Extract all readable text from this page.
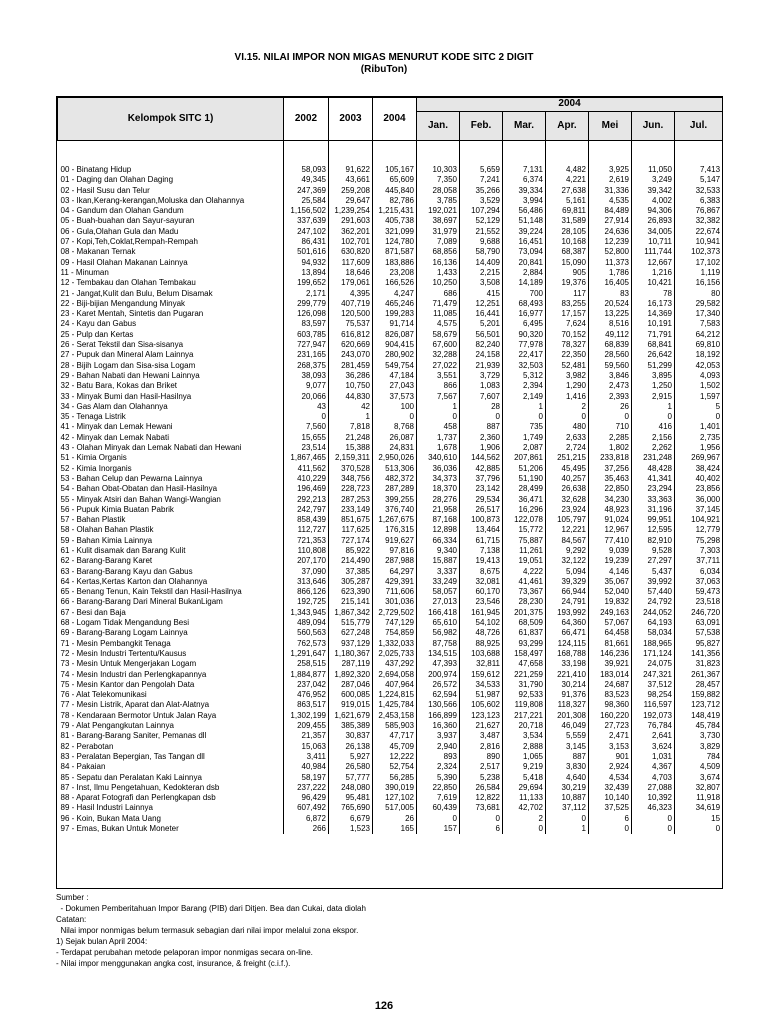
VI.15. NILAI IMPOR NON MIGAS MENURUT KODE SITC 2 DIGIT
(RibuTon)
Kelompok SITC 1)	2002	2003	2004	2004						
				Jan.	Feb.	Mar.	Apr.	Mei	Jun.	Jul.

00 - Binatang Hidup	58,093	91,622	105,167	10,303	5,659	7,131	4,482	3,925	11,050	7,413
01 - Daging dan Olahan Daging	49,345	43,661	65,609	7,350	7,241	6,374	4,221	2,619	3,249	5,147
02 - Hasil Susu dan Telur	247,369	259,208	445,840	28,058	35,266	39,334	27,638	31,336	39,342	32,533
03 - Ikan,Kerang-kerangan,Moluska dan Olahannya	25,584	29,647	82,786	3,785	3,529	3,994	5,161	4,535	4,002	6,383
04 - Gandum dan Olahan Gandum	1,156,502	1,239,254	1,215,431	192,021	107,294	56,486	69,811	84,489	94,306	76,867
05 - Buah-buahan dan Sayur-sayuran	337,639	291,603	405,738	38,697	52,129	51,148	31,589	27,914	26,893	32,382
06 - Gula,Olahan Gula dan Madu	247,102	362,201	321,099	31,979	21,552	39,224	28,105	24,636	34,005	22,674
07 - Kopi,Teh,Coklat,Rempah-Rempah	86,431	102,701	124,780	7,089	9,688	16,451	10,168	12,239	10,711	10,941
08 - Makanan Ternak	501,616	630,820	871,587	68,856	58,790	73,094	68,387	52,800	111,744	102,373
09 - Hasil Olahan Makanan Lainnya	94,932	117,609	183,886	16,136	14,409	20,841	15,090	11,373	12,667	17,102
11 - Minuman	13,894	18,646	23,208	1,433	2,215	2,884	905	1,786	1,216	1,119
12 - Tembakau dan Olahan Tembakau	199,652	179,061	166,526	10,250	3,508	14,189	19,376	16,405	10,421	16,156
21 - Jangat,Kulit dan Bulu, Belum Disamak	2,171	4,395	4,247	686	415	700	117	83	78	80
22 - Biji-bijian Mengandung Minyak	299,779	407,719	465,246	71,479	12,251	68,493	83,255	20,524	16,173	29,582
23 - Karet Mentah, Sintetis dan Pugaran	126,098	120,500	199,283	11,085	16,441	16,977	17,157	13,225	14,369	17,340
24 - Kayu dan Gabus	83,597	75,537	91,714	4,575	5,201	6,495	7,624	8,516	10,191	7,583
25 - Pulp dan Kertas	603,785	616,812	826,087	58,679	56,501	90,320	70,152	49,112	71,791	64,212
26 - Serat Tekstil dan Sisa-sisanya	727,947	620,669	904,415	67,600	82,240	77,978	78,327	68,839	68,841	69,810
27 - Pupuk dan Mineral Alam Lainnya	231,165	243,070	280,902	32,288	24,158	22,417	22,350	28,560	26,642	18,192
28 - Bijih Logam dan Sisa-sisa Logam	268,375	281,459	549,754	27,022	21,939	32,503	52,481	59,560	51,299	42,053
29 - Bahan Nabati dan Hewani Lainnya	38,093	36,286	47,184	3,551	3,729	5,312	3,982	3,846	3,895	4,093
32 - Batu Bara, Kokas dan Briket	9,077	10,750	27,043	866	1,083	2,394	1,290	2,473	1,250	1,502
33 - Minyak Bumi dan Hasil-Hasilnya	20,066	44,830	37,573	7,567	7,607	2,149	1,416	2,393	2,915	1,597
34 - Gas Alam dan Olahannya	43	42	100	1	28	1	2	26	1	5
35 - Tenaga Listrik	0	1	0	0	0	0	0	0	0	0
41 - Minyak dan Lemak Hewani	7,560	7,818	8,768	458	887	735	480	710	416	1,401
42 - Minyak dan Lemak Nabati	15,655	21,248	26,087	1,737	2,360	1,749	2,633	2,285	2,156	2,735
43 - Olahan Minyak dan Lemak Nabati dan Hewani	23,514	15,388	24,831	1,678	1,906	2,087	2,724	1,802	2,262	1,956
51 - Kimia Organis	1,867,465	2,159,311	2,950,026	340,610	144,562	207,861	251,215	233,818	231,248	269,967
52 - Kimia Inorganis	411,562	370,528	513,306	36,036	42,885	51,206	45,495	37,256	48,428	38,424
53 - Bahan Celup dan Pewarna Lainnya	410,229	348,756	482,372	34,373	37,796	51,190	40,257	35,463	41,341	40,402
54 - Bahan Obat-Obatan dan Hasil-Hasilnya	196,469	228,723	287,289	18,370	23,142	28,499	26,638	22,850	23,294	23,856
55 - Minyak Atsiri dan Bahan Wangi-Wangian	292,213	287,253	399,255	28,276	29,534	36,471	32,628	34,230	33,363	36,000
56 - Pupuk Kimia Buatan Pabrik	242,797	233,149	376,740	21,958	26,517	16,296	23,924	48,923	31,196	37,145
57 - Bahan Plastik	858,439	851,675	1,267,675	87,168	100,873	122,078	105,797	91,024	99,951	104,921
58 - Olahan Bahan Plastik	112,727	117,625	176,315	12,898	13,464	15,772	12,221	12,967	12,595	12,779
59 - Bahan Kimia Lainnya	721,353	727,174	919,627	66,334	61,715	75,887	84,567	77,410	82,910	75,298
61 - Kulit disamak dan Barang Kulit	110,808	85,922	97,816	9,340	7,138	11,261	9,292	9,039	9,528	7,303
62 - Barang-Barang Karet	207,170	214,490	287,988	15,887	19,413	19,051	32,122	19,239	27,297	37,711
63 - Barang-Barang Kayu dan Gabus	37,090	37,385	64,297	3,337	8,675	4,222	5,094	4,146	5,437	6,034
64 - Kertas,Kertas Karton dan Olahannya	313,646	305,287	429,391	33,249	32,081	41,461	39,329	35,067	39,992	37,063
65 - Benang Tenun, Kain Tekstil dan Hasil-Hasilnya	866,126	623,390	711,606	58,057	60,170	73,367	66,944	52,040	57,440	59,473
66 - Barang-Barang Dari Mineral BukanLigam	192,725	215,141	301,036	27,013	23,546	28,230	24,791	19,832	24,792	23,518
67 - Besi dan Baja	1,343,945	1,867,342	2,729,502	166,418	161,945	201,375	193,992	249,163	244,052	246,720
68 - Logam Tidak Mengandung Besi	489,094	515,779	747,129	65,610	54,102	68,509	64,360	57,067	64,193	63,091
69 - Barang-Barang Logam Lainnya	560,563	627,248	754,859	56,982	48,726	61,837	66,471	64,458	58,034	57,538
71 - Mesin Pembangkit Tenaga	762,573	937,129	1,332,033	87,758	88,925	93,299	124,115	81,661	188,965	95,827
72 - Mesin Industri Tertentu/Kausus	1,291,647	1,180,367	2,025,733	134,515	103,688	158,497	168,788	146,236	171,124	141,356
73 - Mesin Untuk Mengerjakan Logam	258,515	287,119	437,292	47,393	32,811	47,658	33,198	39,921	24,075	31,823
74 - Mesin Industri dan Perlengkapannya	1,884,877	1,892,320	2,694,058	200,974	159,612	221,259	221,410	183,014	247,321	261,367
75 - Mesin Kantor dan Pengolah Data	237,042	287,046	407,964	26,572	34,533	31,790	30,214	24,687	37,512	28,457
76 - Alat Telekomunikasi	476,952	600,085	1,224,815	62,594	51,987	92,533	91,376	83,523	98,254	159,882
77 - Mesin Listrik, Aparat dan Alat-Alatnya	863,517	919,015	1,425,784	130,566	105,602	119,808	118,327	98,360	116,597	123,712
78 - Kendaraan Bermotor Untuk Jalan Raya	1,302,199	1,621,679	2,453,158	166,899	123,123	217,221	201,308	160,220	192,073	148,419
79 - Alat Pengangkutan Lainnya	209,455	385,389	585,903	16,360	21,627	20,718	46,049	27,723	76,784	45,784
81 - Barang-Barang Saniter, Pemanas dll	21,357	30,837	47,717	3,937	3,487	3,534	5,559	2,471	2,641	3,730
82 - Perabotan	15,063	26,138	45,709	2,940	2,816	2,888	3,145	3,153	3,624	3,829
83 - Peralatan Bepergian, Tas Tangan dll	3,411	5,927	12,222	893	890	1,065	887	901	1,031	784
84 - Pakaian	40,984	26,580	52,754	2,324	2,517	9,219	3,830	2,924	4,367	4,509
85 - Sepatu dan Peralatan Kaki Lainnya	58,197	57,777	56,285	5,390	5,238	5,418	4,640	4,534	4,703	3,674
87 - Inst, Ilmu Pengetahuan, Kedokteran dsb	237,222	248,080	390,019	22,850	26,584	29,694	30,219	32,439	27,088	32,807
88 - Aparat Fotografi dan Perlengkapan dsb	96,429	95,481	127,102	7,619	12,822	11,133	10,887	10,140	10,392	11,918
89 - Hasil Industri Lainnya	607,492	765,690	517,005	60,439	73,681	42,702	37,112	37,525	46,323	34,619
96 - Koin, Bukan Mata Uang	6,872	6,679	26	0	0	2	0	6	0	15
97 - Emas, Bukan Untuk Moneter	266	1,523	165	157	6	0	1	0	0	0
Sumber :
- Dokumen Pemberitahuan Impor Barang (PIB) dari Ditjen. Bea dan Cukai, data diolah
Catatan:
Nilai impor nonmigas belum termasuk sebagian dari nilai impor melalui zona ekspor.
1) Sejak bulan April 2004:
- Terdapat perubahan metode pelaporan impor nonmigas secara on-line.
- Nilai impor menggunakan angka cost, insurance, & freight (c.i.f.).
126
